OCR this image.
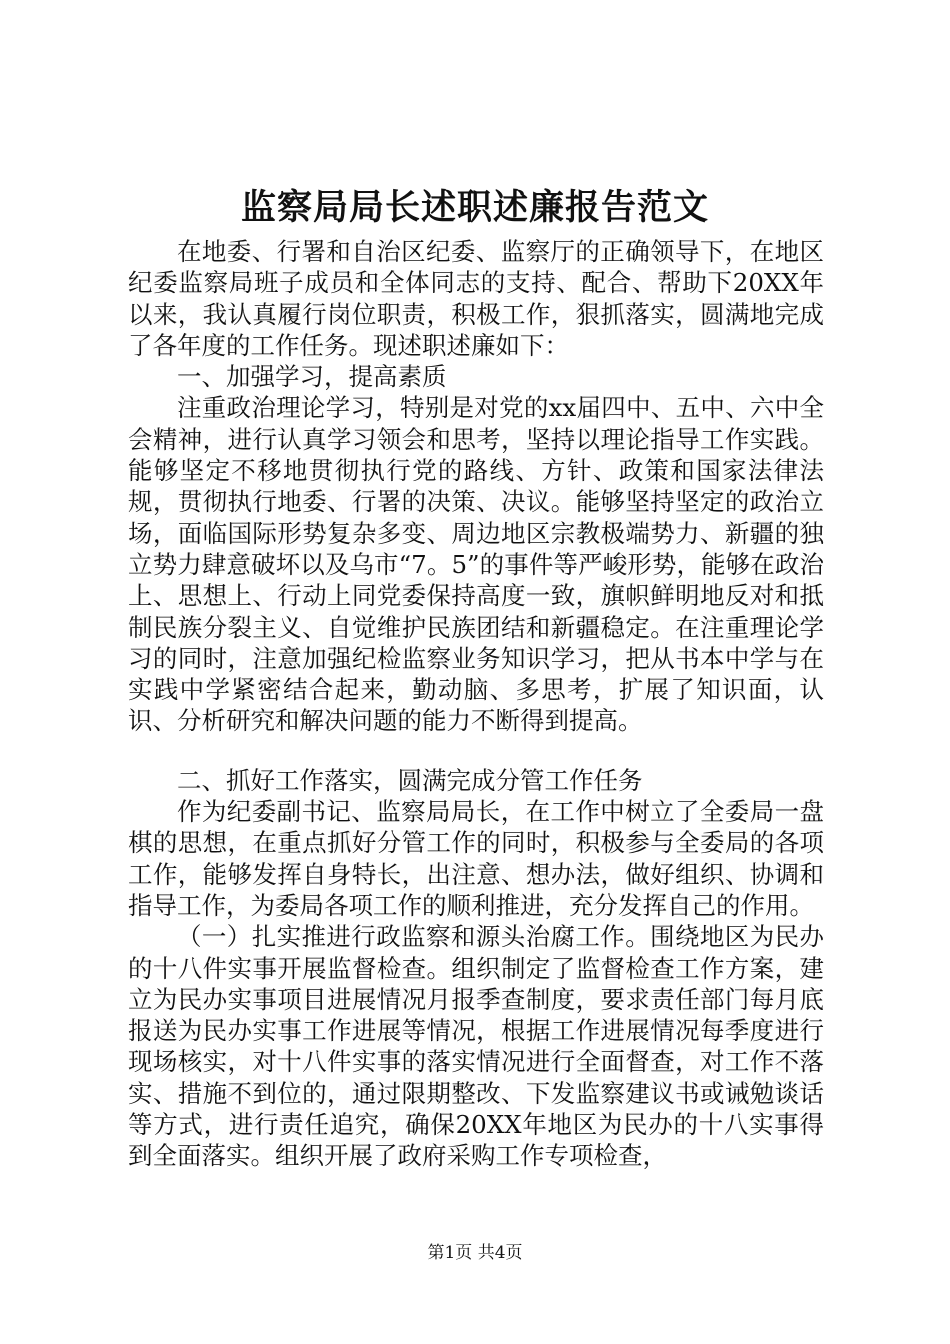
监察局局长述职述廉报告范文

在地委、行署和自治区纪委、监察厅的正确领导下，在地区纪委监察局班子成员和全体同志的支持、配合、帮助下20XX年以来，我认真履行岗位职责，积极工作，狠抓落实，圆满地完成了各年度的工作任务。现述职述廉如下：

一、加强学习，提高素质

注重政治理论学习，特别是对党的xx届四中、五中、六中全会精神，进行认真学习领会和思考，坚持以理论指导工作实践。能够坚定不移地贯彻执行党的路线、方针、政策和国家法律法规，贯彻执行地委、行署的决策、决议。能够坚持坚定的政治立场，面临国际形势复杂多变、周边地区宗教极端势力、新疆的独立势力肆意破坏以及乌市“7。5”的事件等严峻形势，能够在政治上、思想上、行动上同党委保持高度一致，旗帜鲜明地反对和抵制民族分裂主义、自觉维护民族团结和新疆稳定。在注重理论学习的同时，注意加强纪检监察业务知识学习，把从书本中学与在实践中学紧密结合起来，勤动脑、多思考，扩展了知识面，认识、分析研究和解决问题的能力不断得到提高。

二、抓好工作落实，圆满完成分管工作任务

作为纪委副书记、监察局局长，在工作中树立了全委局一盘棋的思想，在重点抓好分管工作的同时，积极参与全委局的各项工作，能够发挥自身特长，出注意、想办法，做好组织、协调和指导工作，为委局各项工作的顺利推进，充分发挥自己的作用。

（一）扎实推进行政监察和源头治腐工作。围绕地区为民办的十八件实事开展监督检查。组织制定了监督检查工作方案，建立为民办实事项目进展情况月报季查制度，要求责任部门每月底报送为民办实事工作进展等情况，根据工作进展情况每季度进行现场核实，对十八件实事的落实情况进行全面督查，对工作不落实、措施不到位的，通过限期整改、下发监察建议书或诫勉谈话等方式，进行责任追究，确保20XX年地区为民办的十八实事得到全面落实。组织开展了政府采购工作专项检查，

第1页 共4页
